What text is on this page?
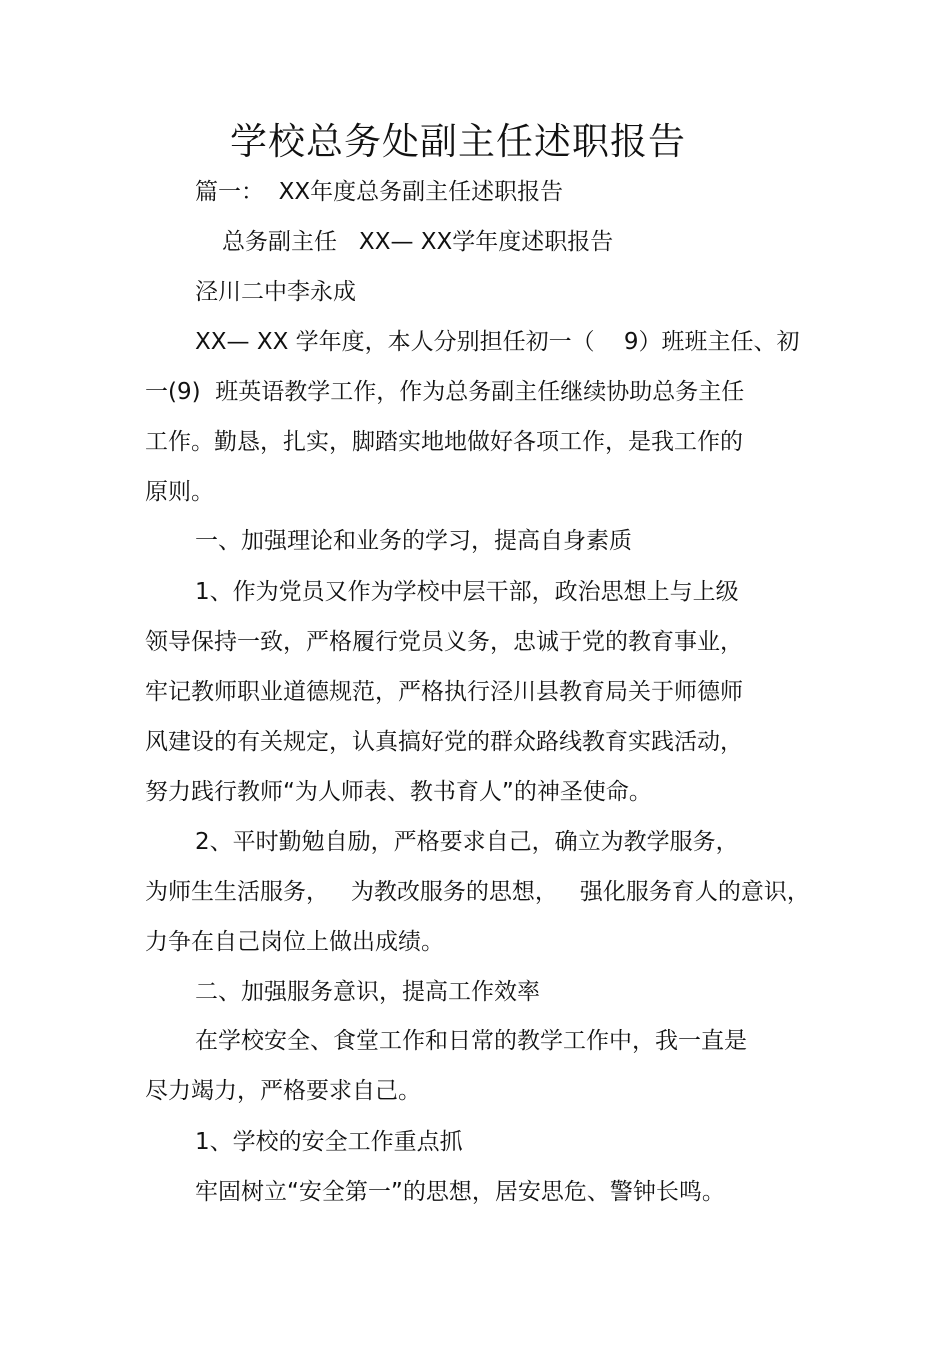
学校总务处副主任述职报告
篇一：  XX年度总务副主任述职报告
总务副主任   XX— XX学年度述职报告
泾川二中李永成
XX— XX 学年度，本人分别担任初一（    9）班班主任、初
一(9)  班英语教学工作，作为总务副主任继续协助总务主任
工作。勤恳，扎实，脚踏实地地做好各项工作，是我工作的
原则。
一、加强理论和业务的学习，提高自身素质
1、作为党员又作为学校中层干部，政治思想上与上级
领导保持一致，严格履行党员义务，忠诚于党的教育事业，
牢记教师职业道德规范，严格执行泾川县教育局关于师德师
风建设的有关规定，认真搞好党的群众路线教育实践活动，
努力践行教师“为人师表、教书育人”的神圣使命。
2、平时勤勉自励，严格要求自己，确立为教学服务，
为师生生活服务，   为教改服务的思想，   强化服务育人的意识，
力争在自己岗位上做出成绩。
二、加强服务意识，提高工作效率
在学校安全、食堂工作和日常的教学工作中，我一直是
尽力竭力，严格要求自己。
1、学校的安全工作重点抓
牢固树立“安全第一”的思想，居安思危、警钟长鸣。
